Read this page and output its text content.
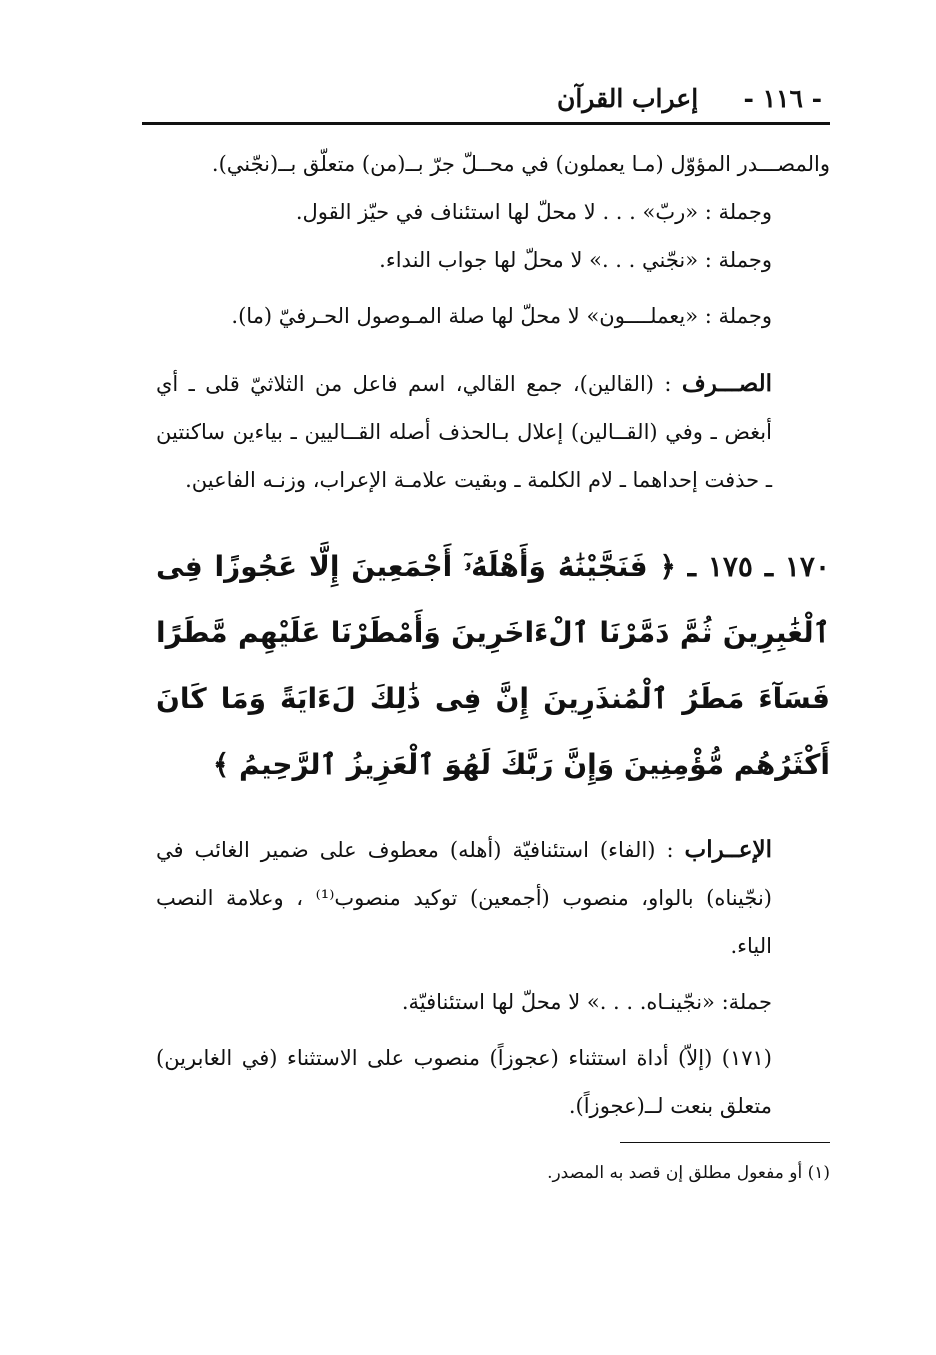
إعراب القرآن - ١١٦ -

والمصـــدر المؤوّل (مـا يعملون) في محــلّ جرّ بــ(من) متعلّق بــ(نجّني).

وجملة : «ربّ» . . . لا محلّ لها استئناف في حيّز القول.

وجملة : «نجّني . . .» لا محلّ لها جواب النداء.

وجملة : «يعملــــون» لا محلّ لها صلة المـوصول الحـرفيّ (ما).

الصـــرف : (القالين)، جمع القالي، اسم فاعل من الثلاثيّ قلى ـ أي أبغض ـ وفي (القــالين) إعلال بـالحذف أصله القــاليين ـ بياءين ساكنتين ـ حذفت إحداهما ـ لام الكلمة ـ وبقيت علامـة الإعراب، وزنـه الفاعين.

١٧٠ ـ ١٧٥ ـ ﴿ فَنَجَّيْنَٰهُ وَأَهْلَهُۥٓ أَجْمَعِينَ إِلَّا عَجُوزًا فِى ٱلْغَٰبِرِينَ ثُمَّ دَمَّرْنَا ٱلْءَاخَرِينَ وَأَمْطَرْنَا عَلَيْهِم مَّطَرًا فَسَآءَ مَطَرُ ٱلْمُنذَرِينَ إِنَّ فِى ذَٰلِكَ لَءَايَةً وَمَا كَانَ أَكْثَرُهُم مُّؤْمِنِينَ وَإِنَّ رَبَّكَ لَهُوَ ٱلْعَزِيزُ ٱلرَّحِيمُ ﴾

الإعــراب : (الفاء) استئنافيّة (أهله) معطوف على ضمير الغائب في (نجّيناه) بالواو، منصوب (أجمعين) توكيد منصوب⁽¹⁾ ، وعلامة النصب الياء.

جملة: «نجّينـاه. . . .» لا محلّ لها استئنافيّة.

(١٧١) (إلاّ) أداة استثناء (عجوزاً) منصوب على الاستثناء (في الغابرين) متعلق بنعت لــ(عجوزاً).

(١) أو مفعول مطلق إن قصد به المصدر.
